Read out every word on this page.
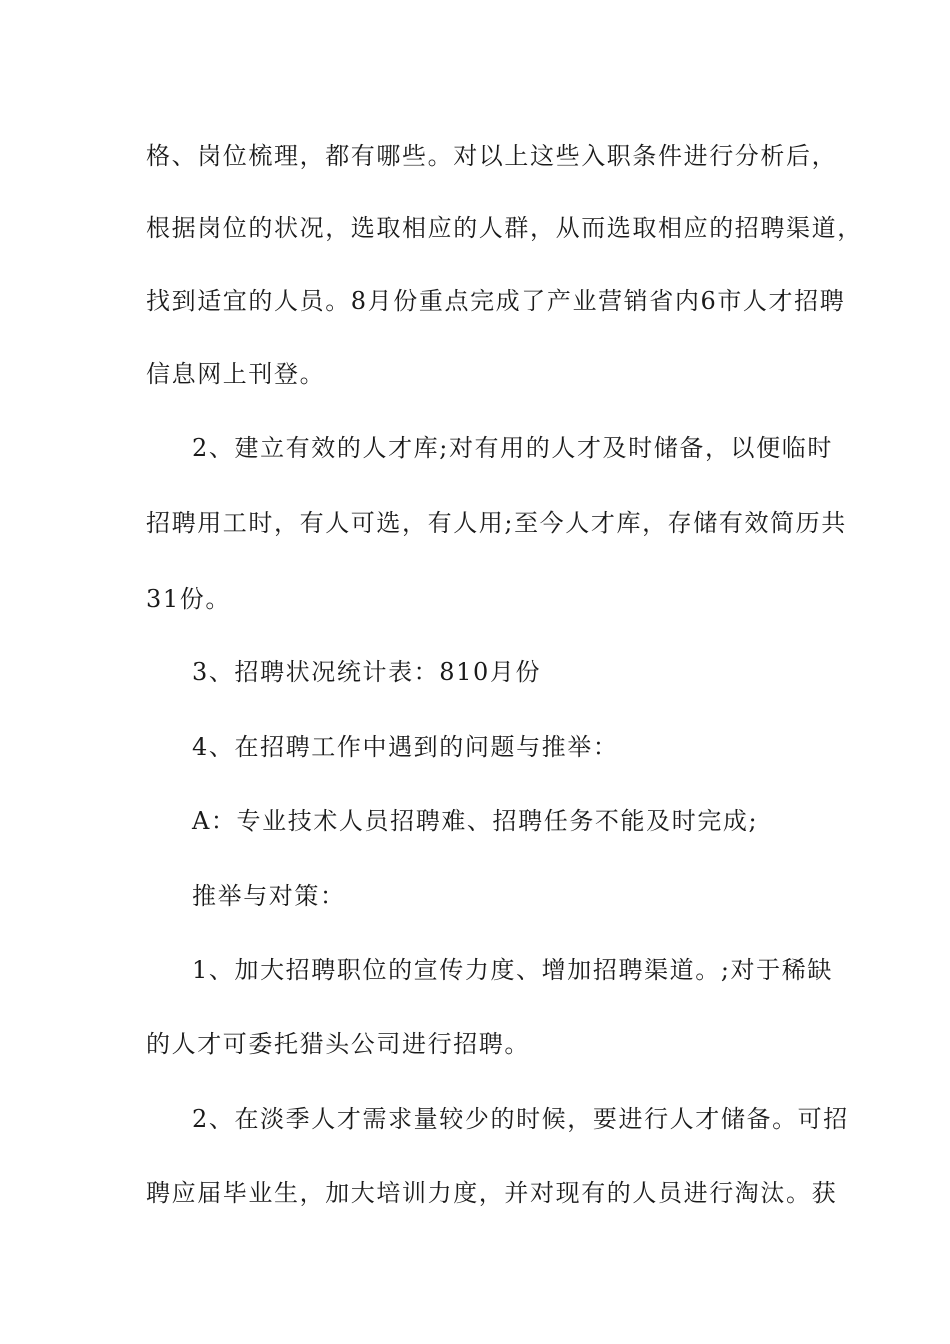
格、岗位梳理，都有哪些。对以上这些入职条件进行分析后，
根据岗位的状况，选取相应的人群，从而选取相应的招聘渠道，
找到适宜的人员。8月份重点完成了产业营销省内6市人才招聘
信息网上刊登。
2、建立有效的人才库;对有用的人才及时储备，以便临时
招聘用工时，有人可选，有人用;至今人才库，存储有效简历共
31份。
3、招聘状况统计表：810月份
4、在招聘工作中遇到的问题与推举：
A：专业技术人员招聘难、招聘任务不能及时完成;
推举与对策：
1、加大招聘职位的宣传力度、增加招聘渠道。;对于稀缺
的人才可委托猎头公司进行招聘。
2、在淡季人才需求量较少的时候，要进行人才储备。可招
聘应届毕业生，加大培训力度，并对现有的人员进行淘汰。获
